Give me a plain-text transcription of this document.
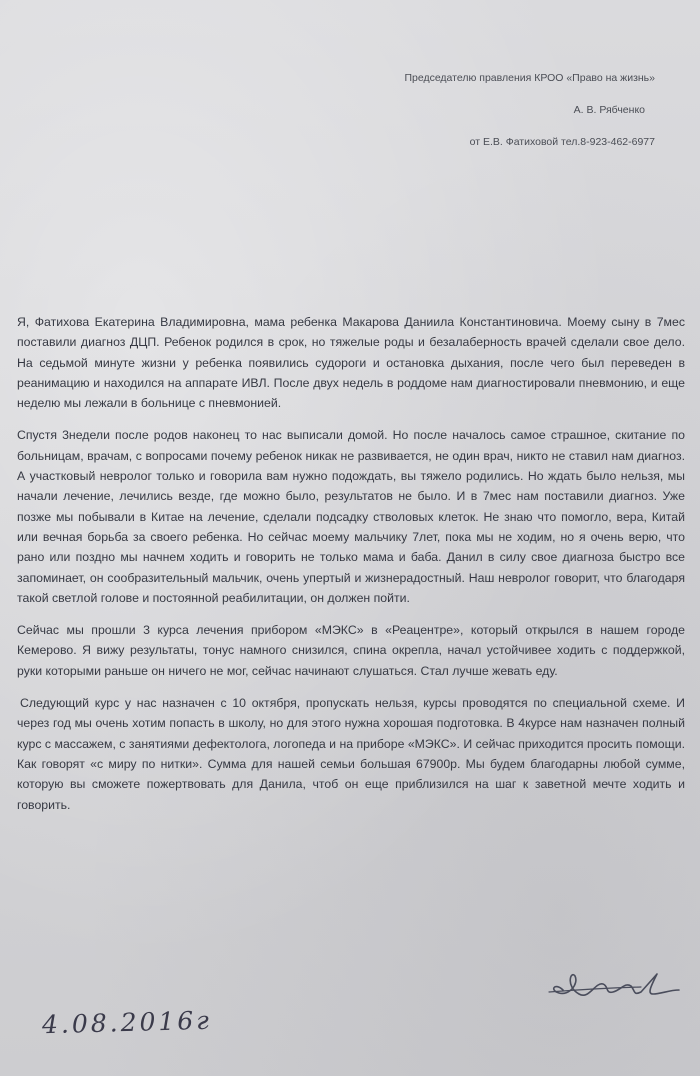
Председателю правления КРОО «Право на жизнь»
А. В. Рябченко
от Е.В. Фатиховой тел.8-923-462-6977

Я, Фатихова Екатерина Владимировна, мама ребенка Макарова Даниила Константиновича. Моему сыну в 7мес поставили диагноз ДЦП. Ребенок родился в срок, но тяжелые роды и безалаберность врачей сделали свое дело. На седьмой минуте жизни у ребенка появились судороги и остановка дыхания, после чего был переведен в реанимацию и находился на аппарате ИВЛ. После двух недель в роддоме нам диагностировали пневмонию, и еще неделю мы лежали в больнице с пневмонией.

Спустя 3недели после родов наконец то нас выписали домой. Но после началось самое страшное, скитание по больницам, врачам, с вопросами почему ребенок никак не развивается, не один врач, никто не ставил нам диагноз. А участковый невролог только и говорила вам нужно подождать, вы тяжело родились. Но ждать было нельзя, мы начали лечение, лечились везде, где можно было, результатов не было. И в 7мес нам поставили диагноз. Уже позже мы побывали в Китае на лечение, сделали подсадку стволовых клеток. Не знаю что помогло, вера, Китай или вечная борьба за своего ребенка. Но сейчас моему мальчику 7лет, пока мы не ходим, но я очень верю, что рано или поздно мы начнем ходить и говорить не только мама и баба. Данил в силу свое диагноза быстро все запоминает, он сообразительный мальчик, очень упертый и жизнерадостный. Наш невролог говорит, что благодаря такой светлой голове и постоянной реабилитации, он должен пойти.

Сейчас мы прошли 3 курса лечения прибором «МЭКС» в «Реацентре», который открылся в нашем городе Кемерово. Я вижу результаты, тонус намного снизился, спина окрепла, начал устойчивее ходить с поддержкой, руки которыми раньше он ничего не мог, сейчас начинают слушаться. Стал лучше жевать еду.

Следующий курс у нас назначен с 10 октября, пропускать нельзя, курсы проводятся по специальной схеме. И через год мы очень хотим попасть в школу, но для этого нужна хорошая подготовка. В 4курсе нам назначен полный курс с массажем, с занятиями дефектолога, логопеда и на приборе «МЭКС». И сейчас приходится просить помощи. Как говорят «с миру по нитки». Сумма для нашей семьи большая 67900р. Мы будем благодарны любой сумме, которую вы сможете пожертвовать для Данила, чтоб он еще приблизился на шаг к заветной мечте ходить и говорить.

4.08.2016г
